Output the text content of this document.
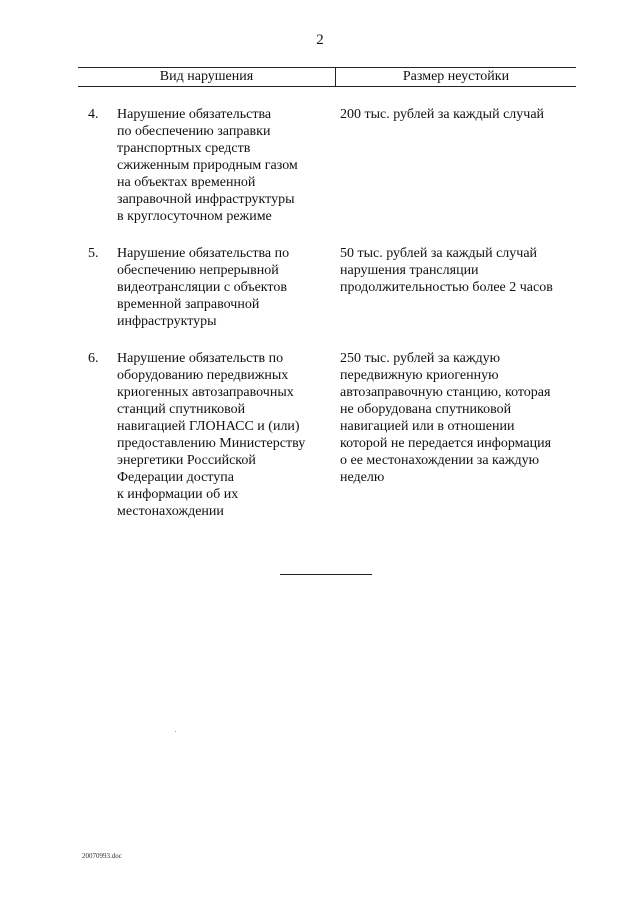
2
Вид нарушения	Размер неустойки
4. Нарушение обязательства
по обеспечению заправки
транспортных средств
сжиженным природным газом
на объектах временной
заправочной инфраструктуры
в круглосуточном режиме
200 тыс. рублей за каждый случай
5. Нарушение обязательства по
обеспечению непрерывной
видеотрансляции с объектов
временной заправочной
инфраструктуры
50 тыс. рублей за каждый случай
нарушения трансляции
продолжительностью более 2 часов
6. Нарушение обязательств по
оборудованию передвижных
криогенных автозаправочных
станций спутниковой
навигацией ГЛОНАСС и (или)
предоставлению Министерству
энергетики Российской
Федерации доступа
к информации об их
местонахождении
250 тыс. рублей за каждую
передвижную криогенную
автозаправочную станцию, которая
не оборудована спутниковой
навигацией или в отношении
которой не передается информация
о ее местонахождении за каждую
неделю
20070993.doc
